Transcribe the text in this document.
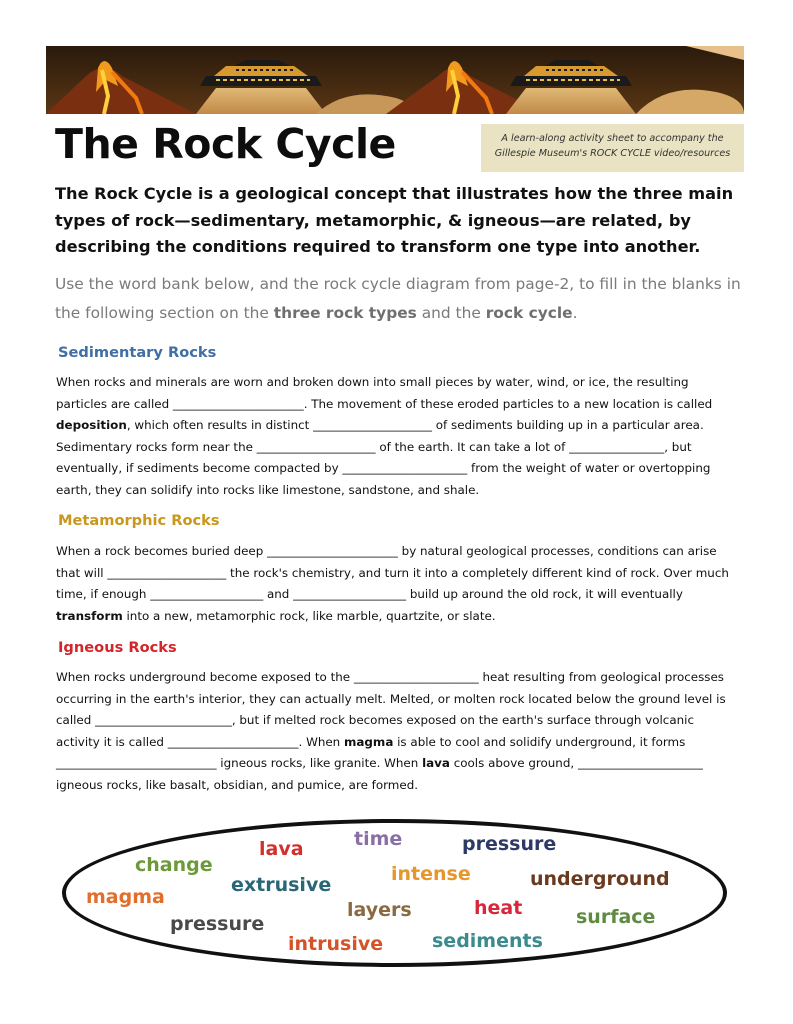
The Rock Cycle	A learn-along activity sheet to accompany the
Gillespie Museum's ROCK CYCLE video/resources

The Rock Cycle is a geological concept that illustrates how the three main types of rock—sedimentary, metamorphic, & igneous—are related, by describing the conditions required to transform one type into another.

Use the word bank below, and the rock cycle diagram from page-2, to fill in the blanks in the following section on the three rock types and the rock cycle.

Sedimentary Rocks

When rocks and minerals are worn and broken down into small pieces by water, wind, or ice, the resulting particles are called ______________________. The movement of these eroded particles to a new location is called deposition, which often results in distinct ____________________ of sediments building up in a particular area. Sedimentary rocks form near the ____________________ of the earth. It can take a lot of ________________, but eventually, if sediments become compacted by _____________________ from the weight of water or overtopping earth, they can solidify into rocks like limestone, sandstone, and shale.

Metamorphic Rocks

When a rock becomes buried deep ______________________ by natural geological processes, conditions can arise that will ____________________ the rock's chemistry, and turn it into a completely different kind of rock. Over much time, if enough ___________________ and ___________________ build up around the old rock, it will eventually transform into a new, metamorphic rock, like marble, quartzite, or slate.

Igneous Rocks

When rocks underground become exposed to the _____________________ heat resulting from geological processes occurring in the earth's interior, they can actually melt. Melted, or molten rock located below the ground level is called _______________________, but if melted rock becomes exposed on the earth's surface through volcanic activity it is called ______________________. When magma is able to cool and solidify underground, it forms ___________________________ igneous rocks, like granite. When lava cools above ground, _____________________ igneous rocks, like basalt, obsidian, and pumice, are formed.

time	pressure
lava
change	intense	underground
extrusive
magma
layers	heat	surface
pressure
intrusive	sediments
